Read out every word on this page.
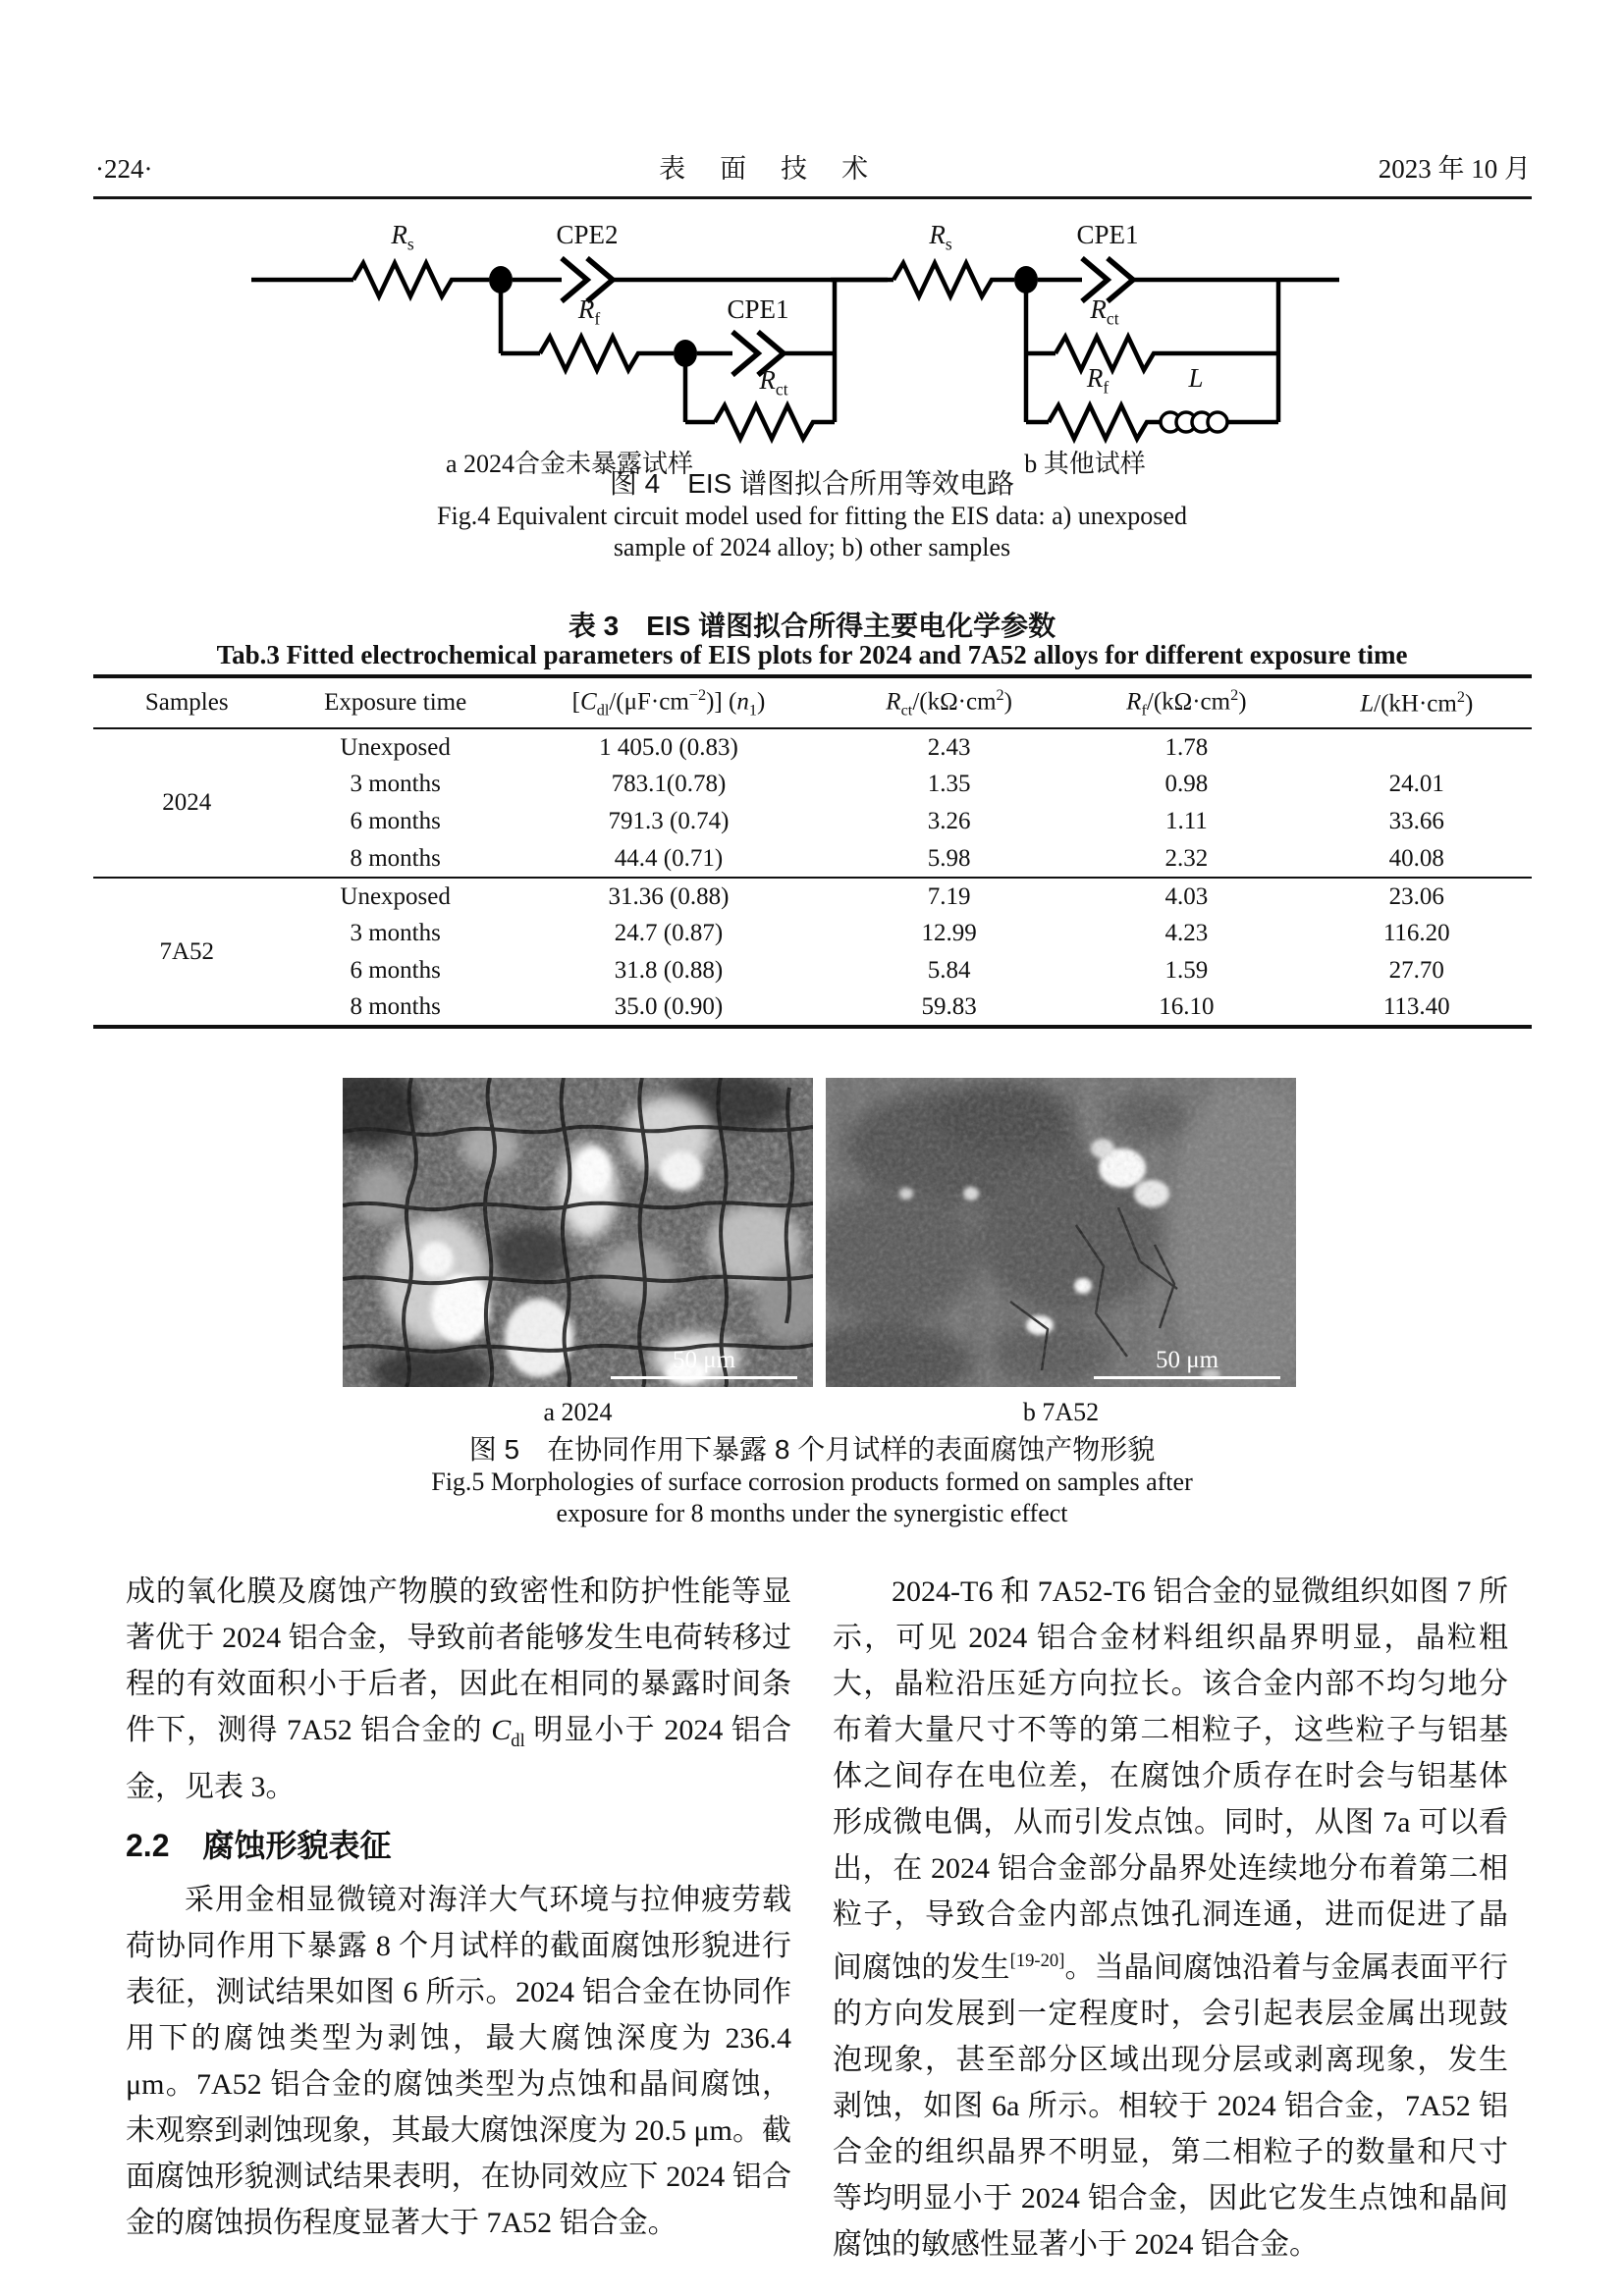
·224·	表　面　技　术	2023 年 10 月
$R_s$	CPE2
$R_f$	CPE1
$R_{ct}$
a 2024合金未暴露试样
$R_s$	CPE1
$R_{ct}$
$R_f$	L
b 其他试样
图 4　EIS 谱图拟合所用等效电路
Fig.4 Equivalent circuit model used for fitting the EIS data: a) unexposed
sample of 2024 alloy; b) other samples
表 3　EIS 谱图拟合所得主要电化学参数
Tab.3 Fitted electrochemical parameters of EIS plots for 2024 and 7A52 alloys for different exposure time
Samples	Exposure time	$[C_{dl}/(\mu F\cdot cm^{-2})]$ $(n_1)$	$R_{ct}/(k\Omega\cdot cm^2)$	$R_f/(k\Omega\cdot cm^2)$	$L/(kH\cdot cm^2)$
2024	Unexposed	1 405.0 (0.83)	2.43	1.78	
	3 months	783.1(0.78)	1.35	0.98	24.01
	6 months	791.3 (0.74)	3.26	1.11	33.66
	8 months	44.4 (0.71)	5.98	2.32	40.08
7A52	Unexposed	31.36 (0.88)	7.19	4.03	23.06
	3 months	24.7 (0.87)	12.99	4.23	116.20
	6 months	31.8 (0.88)	5.84	1.59	27.70
	8 months	35.0 (0.90)	59.83	16.10	113.40
50 μm	50 μm
a 2024	b 7A52
图 5　在协同作用下暴露 8 个月试样的表面腐蚀产物形貌
Fig.5 Morphologies of surface corrosion products formed on samples after
exposure for 8 months under the synergistic effect

成的氧化膜及腐蚀产物膜的致密性和防护性能等显著优于 2024 铝合金，导致前者能够发生电荷转移过程的有效面积小于后者，因此在相同的暴露时间条件下，测得 7A52 铝合金的 $C_{dl}$ 明显小于 2024 铝合金，见表 3。

2.2 腐蚀形貌表征

采用金相显微镜对海洋大气环境与拉伸疲劳载荷协同作用下暴露 8 个月试样的截面腐蚀形貌进行表征，测试结果如图 6 所示。2024 铝合金在协同作用下的腐蚀类型为剥蚀，最大腐蚀深度为 236.4 μm。7A52 铝合金的腐蚀类型为点蚀和晶间腐蚀，未观察到剥蚀现象，其最大腐蚀深度为 20.5 μm。截面腐蚀形貌测试结果表明，在协同效应下 2024 铝合金的腐蚀损伤程度显著大于 7A52 铝合金。

2024-T6 和 7A52-T6 铝合金的显微组织如图 7 所示，可见 2024 铝合金材料组织晶界明显，晶粒粗大，晶粒沿压延方向拉长。该合金内部不均匀地分布着大量尺寸不等的第二相粒子，这些粒子与铝基体之间存在电位差，在腐蚀介质存在时会与铝基体形成微电偶，从而引发点蚀。同时，从图 7a 可以看出，在 2024 铝合金部分晶界处连续地分布着第二相粒子，导致合金内部点蚀孔洞连通，进而促进了晶间腐蚀的发生[19-20]。当晶间腐蚀沿着与金属表面平行的方向发展到一定程度时，会引起表层金属出现鼓泡现象，甚至部分区域出现分层或剥离现象，发生剥蚀，如图 6a 所示。相较于 2024 铝合金，7A52 铝合金的组织晶界不明显，第二相粒子的数量和尺寸等均明显小于 2024 铝合金，因此它发生点蚀和晶间腐蚀的敏感性显著小于 2024 铝合金。
